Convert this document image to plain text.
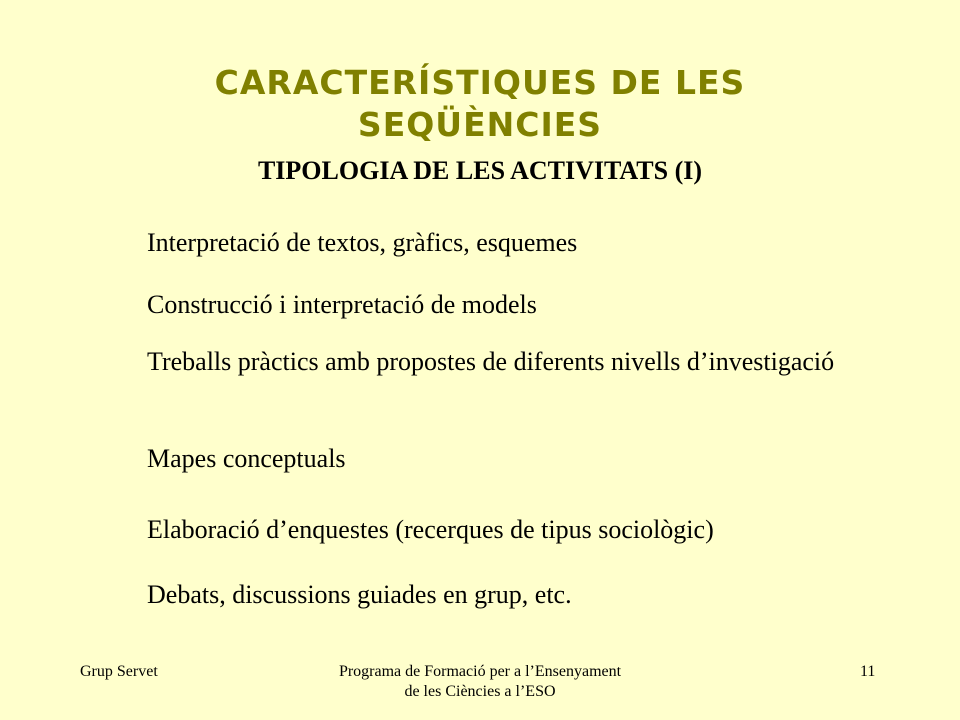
CARACTERÍSTIQUES DE LES SEQÜÈNCIES
TIPOLOGIA DE LES ACTIVITATS (I)
Interpretació de textos, gràfics, esquemes
Construcció i interpretació de models
Treballs pràctics amb propostes de diferents nivells d’investigació
Mapes conceptuals
Elaboració d’enquestes (recerques de tipus sociològic)
Debats, discussions guiades en grup, etc.
Grup Servet	Programa de Formació per a l’Ensenyament de les Ciències a l’ESO
11
